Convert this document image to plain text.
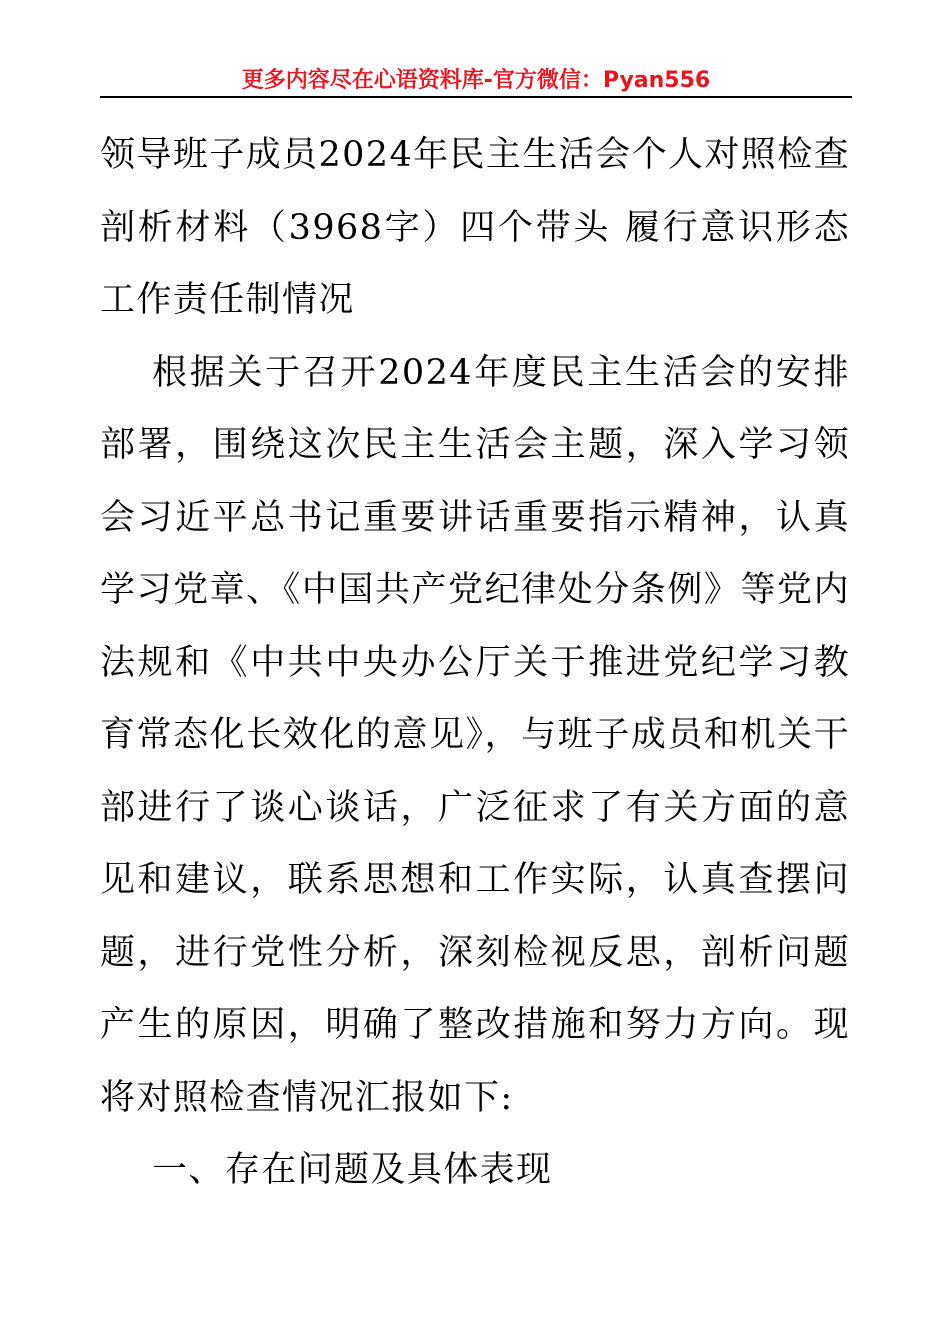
更多内容尽在心语资料库-官方微信：Pyan556
领导班子成员2024年民主生活会个人对照检查剖析材料（3968字）四个带头 履行意识形态工作责任制情况

根据关于召开2024年度民主生活会的安排部署，围绕这次民主生活会主题，深入学习领会习近平总书记重要讲话重要指示精神，认真学习党章、《中国共产党纪律处分条例》等党内法规和《中共中央办公厅关于推进党纪学习教育常态化长效化的意见》，与班子成员和机关干部进行了谈心谈话，广泛征求了有关方面的意见和建议，联系思想和工作实际，认真查摆问题，进行党性分析，深刻检视反思，剖析问题产生的原因，明确了整改措施和努力方向。现将对照检查情况汇报如下:

一、存在问题及具体表现
